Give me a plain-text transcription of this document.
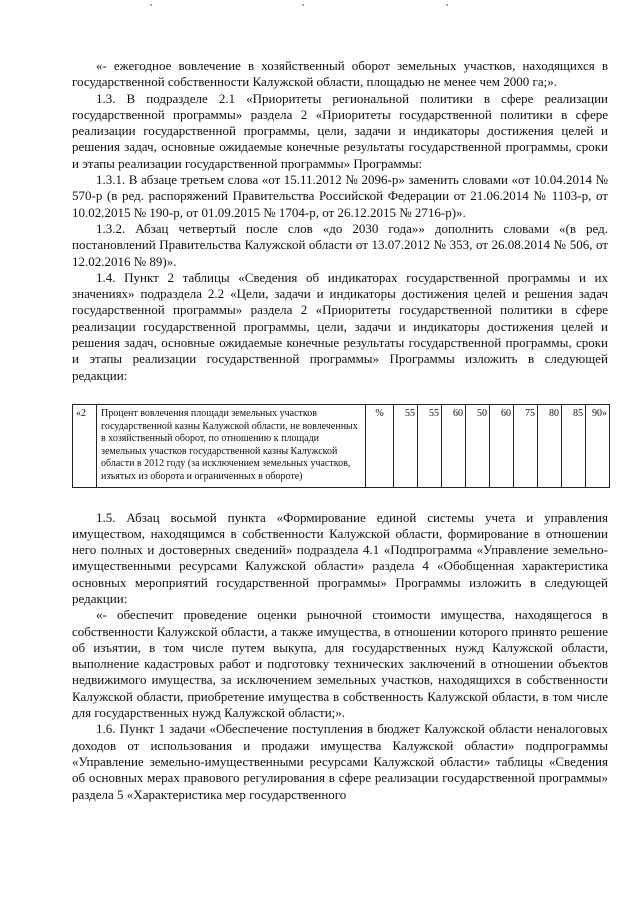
«- ежегодное вовлечение в хозяйственный оборот земельных участков, находящихся в государственной собственности Калужской области, площадью не менее чем 2000 га;».

1.3. В подразделе 2.1 «Приоритеты региональной политики в сфере реализации государственной программы» раздела 2 «Приоритеты государственной политики в сфере реализации государственной программы, цели, задачи и индикаторы достижения целей и решения задач, основные ожидаемые конечные результаты государственной программы, сроки и этапы реализации государственной программы» Программы:

1.3.1. В абзаце третьем слова «от 15.11.2012 № 2096-р» заменить словами «от 10.04.2014 № 570-р (в ред. распоряжений Правительства Российской Федерации от 21.06.2014 № 1103-р, от 10.02.2015 № 190-р, от 01.09.2015 № 1704-р, от 26.12.2015 № 2716-р)».

1.3.2. Абзац четвертый после слов «до 2030 года»» дополнить словами «(в ред. постановлений Правительства Калужской области от 13.07.2012 № 353, от 26.08.2014 № 506, от 12.02.2016 № 89)».

1.4. Пункт 2 таблицы «Сведения об индикаторах государственной программы и их значениях» подраздела 2.2 «Цели, задачи и индикаторы достижения целей и решения задач государственной программы» раздела 2 «Приоритеты государственной политики в сфере реализации государственной программы, цели, задачи и индикаторы достижения целей и решения задач, основные ожидаемые конечные результаты государственной программы, сроки и этапы реализации государственной программы» Программы изложить в следующей редакции:

«2	Процент вовлечения площади земельных участков государственной казны Калужской области, не вовлеченных в хозяйственный оборот, по отношению к площади земельных участков государственной казны Калужской области в 2012 году (за исключением земельных участков, изъятых из оборота и ограниченных в обороте)	%	55	55	60	50	60	75	80	85	90»

1.5. Абзац восьмой пункта «Формирование единой системы учета и управления имуществом, находящимся в собственности Калужской области, формирование в отношении него полных и достоверных сведений» подраздела 4.1 «Подпрограмма «Управление земельно-имущественными ресурсами Калужской области» раздела 4 «Обобщенная характеристика основных мероприятий государственной программы» Программы изложить в следующей редакции:

«- обеспечит проведение оценки рыночной стоимости имущества, находящегося в собственности Калужской области, а также имущества, в отношении которого принято решение об изъятии, в том числе путем выкупа, для государственных нужд Калужской области, выполнение кадастровых работ и подготовку технических заключений в отношении объектов недвижимого имущества, за исключением земельных участков, находящихся в собственности Калужской области, приобретение имущества в собственность Калужской области, в том числе для государственных нужд Калужской области;».

1.6. Пункт 1 задачи «Обеспечение поступления в бюджет Калужской области неналоговых доходов от использования и продажи имущества Калужской области» подпрограммы «Управление земельно-имущественными ресурсами Калужской области» таблицы «Сведения об основных мерах правового регулирования в сфере реализации государственной программы» раздела 5 «Характеристика мер государственного
